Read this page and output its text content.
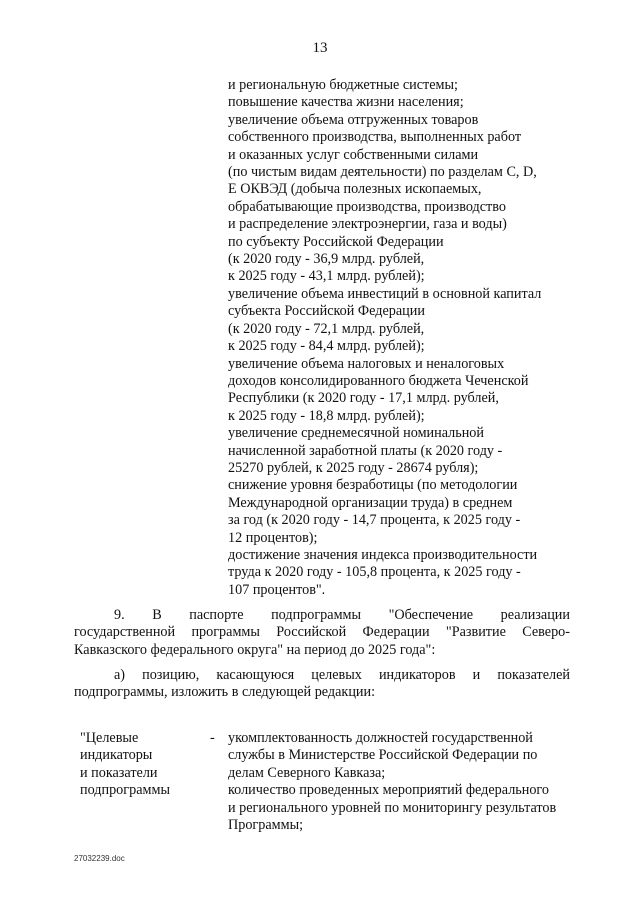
13
и региональную бюджетные системы;
повышение качества жизни населения;
увеличение объема отгруженных товаров
собственного производства, выполненных работ
и оказанных услуг собственными силами
(по чистым видам деятельности) по разделам C, D,
E ОКВЭД (добыча полезных ископаемых,
обрабатывающие производства, производство
и распределение электроэнергии, газа и воды)
по субъекту Российской Федерации
(к 2020 году - 36,9 млрд. рублей,
к 2025 году - 43,1 млрд. рублей);
увеличение объема инвестиций в основной капитал
субъекта Российской Федерации
(к 2020 году - 72,1 млрд. рублей,
к 2025 году - 84,4 млрд. рублей);
увеличение объема налоговых и неналоговых
доходов консолидированного бюджета Чеченской
Республики (к 2020 году - 17,1 млрд. рублей,
к 2025 году - 18,8 млрд. рублей);
увеличение среднемесячной номинальной
начисленной заработной платы (к 2020 году -
25270 рублей, к 2025 году - 28674 рубля);
снижение уровня безработицы (по методологии
Международной организации труда) в среднем
за год (к 2020 году - 14,7 процента, к 2025 году -
12 процентов);
достижение значения индекса производительности
труда к 2020 году - 105,8 процента, к 2025 году -
107 процентов".
9. В паспорте подпрограммы "Обеспечение реализации
государственной программы Российской Федерации "Развитие Северо-
Кавказского федерального округа" на период до 2025 года":
а) позицию, касающуюся целевых индикаторов и показателей
подпрограммы, изложить в следующей редакции:
"Целевые
индикаторы
и показатели
подпрограммы
- укомплектованность должностей государственной
службы в Министерстве Российской Федерации по
делам Северного Кавказа;
количество проведенных мероприятий федерального
и регионального уровней по мониторингу результатов
Программы;
27032239.doc
